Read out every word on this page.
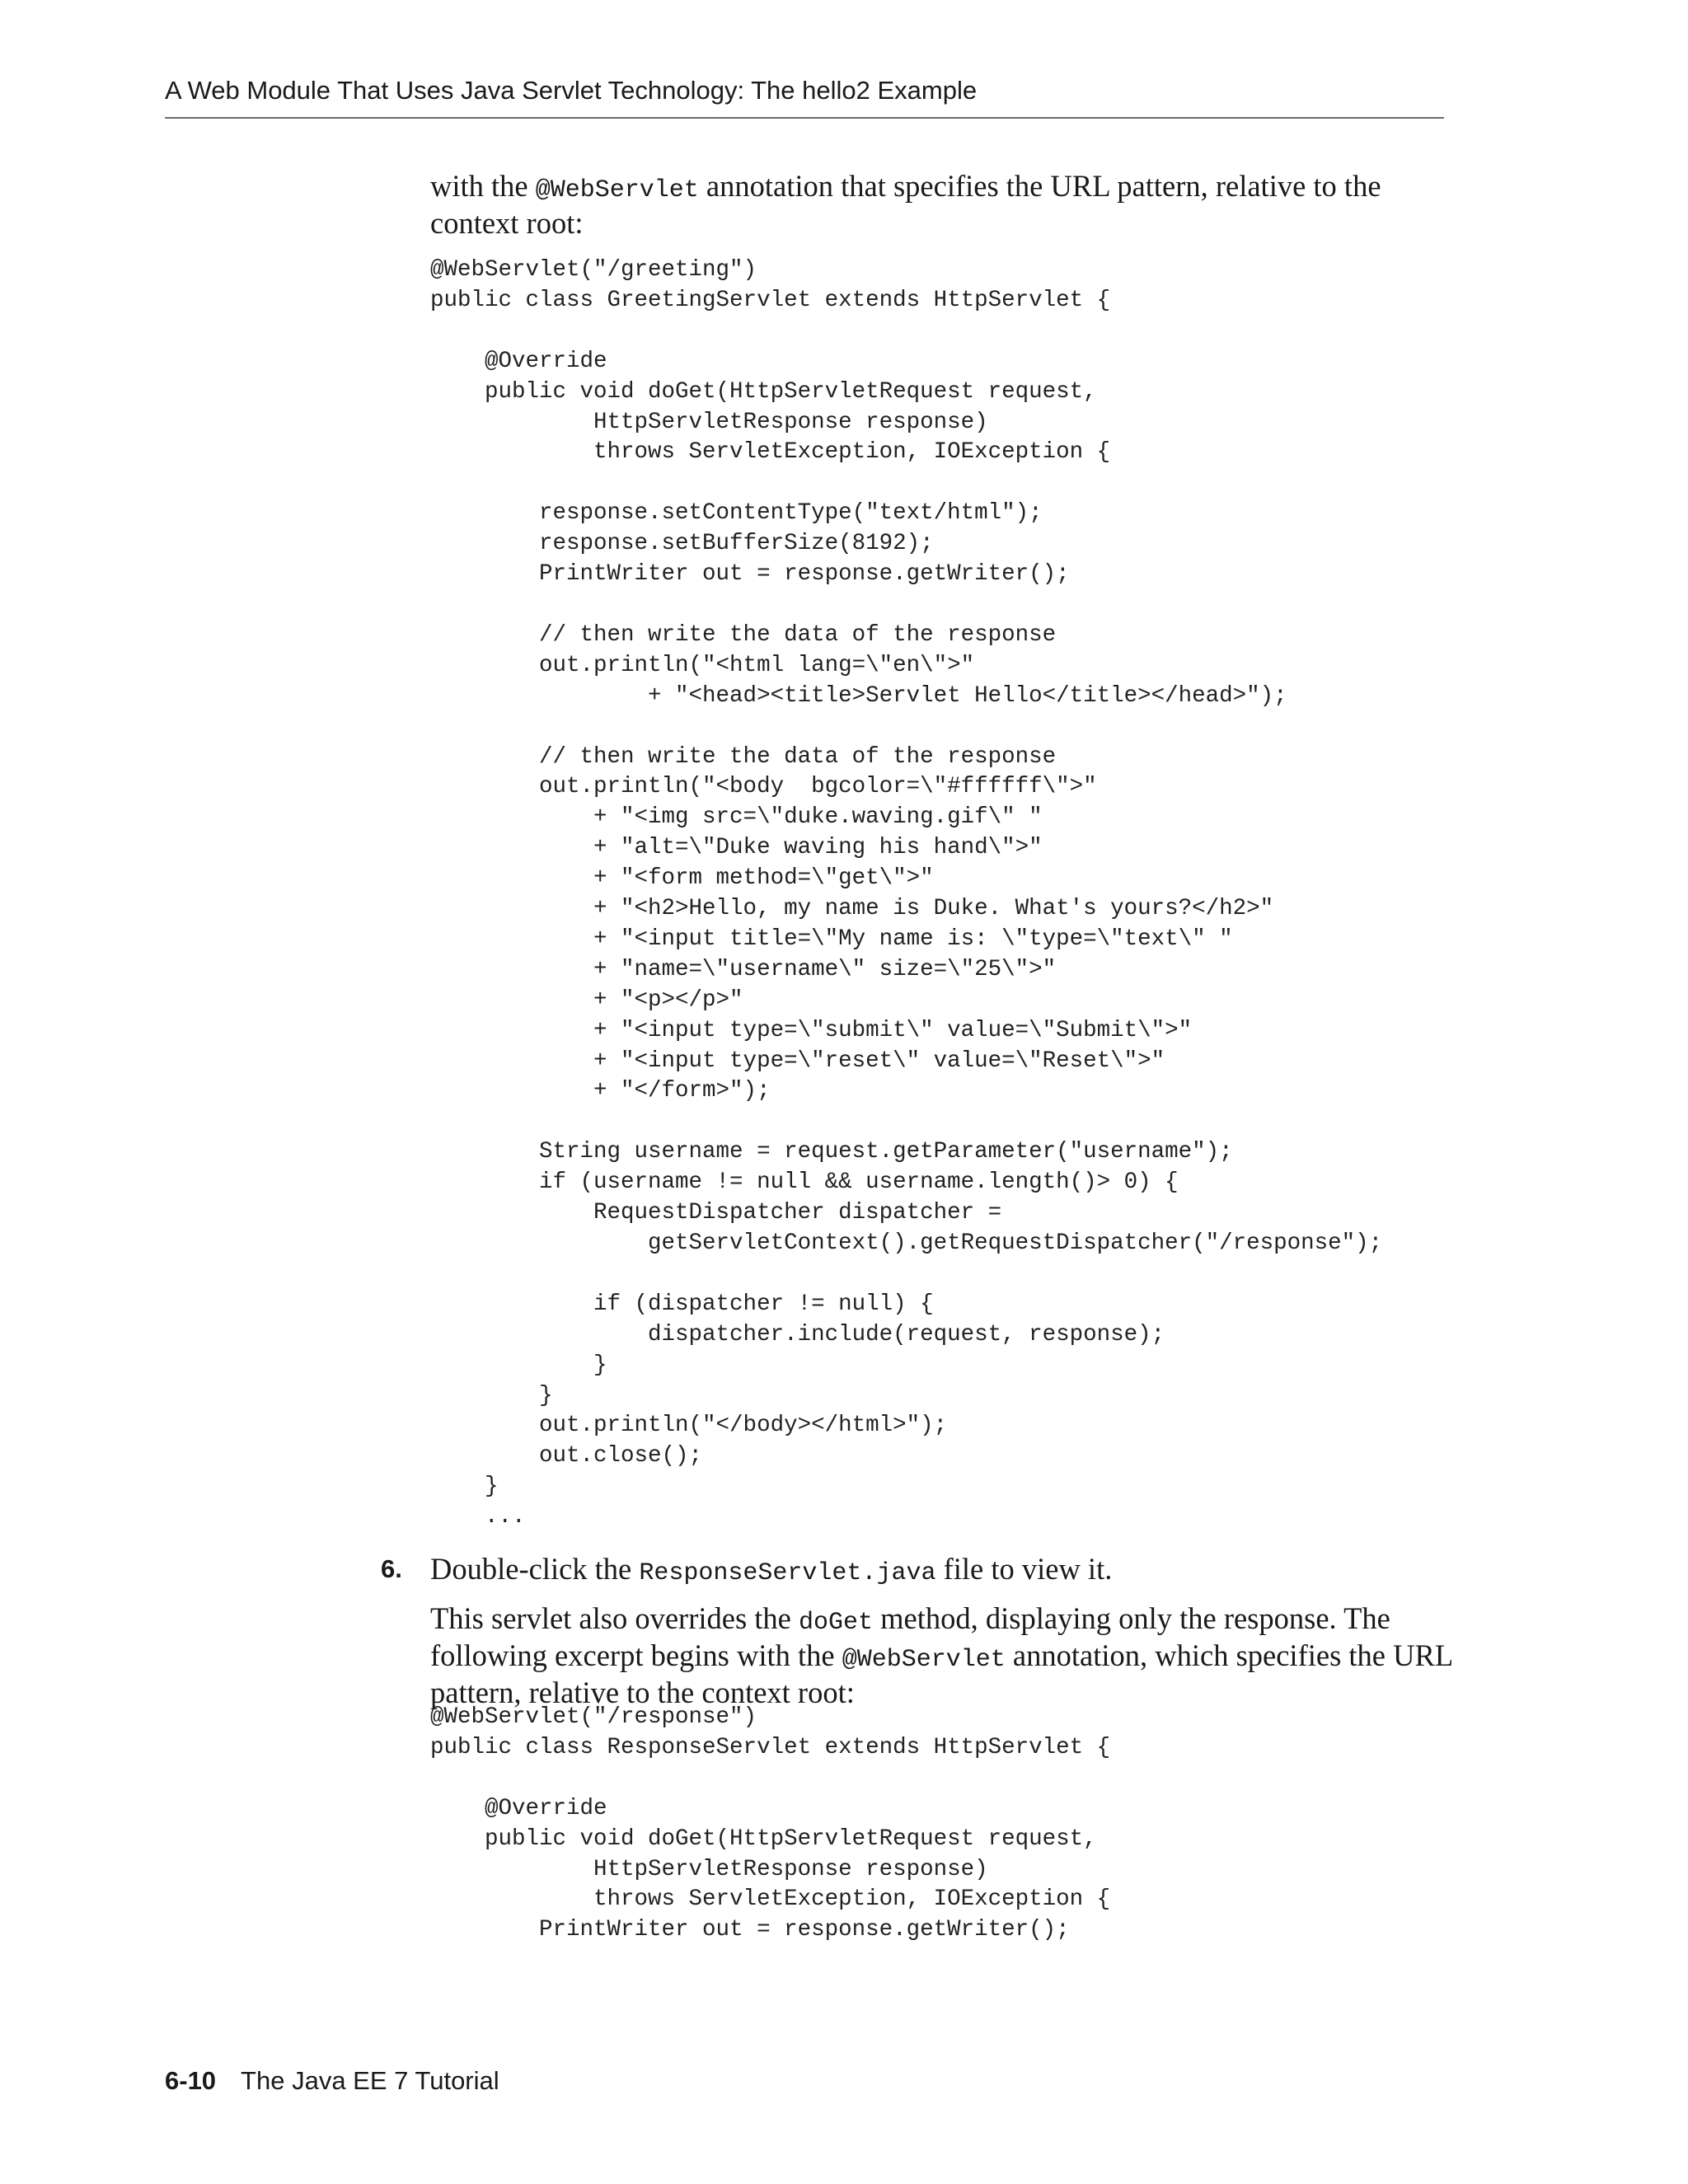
A Web Module That Uses Java Servlet Technology: The hello2 Example

with the @WebServlet annotation that specifies the URL pattern, relative to the context root:

@WebServlet("/greeting")
public class GreetingServlet extends HttpServlet {

@Override
public void doGet(HttpServletRequest request,
HttpServletResponse response)
throws ServletException, IOException {

response.setContentType("text/html");
response.setBufferSize(8192);
PrintWriter out = response.getWriter();

// then write the data of the response
out.println("<html lang=\"en\">"
+ "<head><title>Servlet Hello</title></head>");

// then write the data of the response
out.println("<body  bgcolor=\"#ffffff\">"
+ "<img src=\"duke.waving.gif\" "
+ "alt=\"Duke waving his hand\">"
+ "<form method=\"get\">"
+ "<h2>Hello, my name is Duke. What's yours?</h2>"
+ "<input title=\"My name is: \"type=\"text\" "
+ "name=\"username\" size=\"25\">"
+ "<p></p>"
+ "<input type=\"submit\" value=\"Submit\">"
+ "<input type=\"reset\" value=\"Reset\">"
+ "</form>");

String username = request.getParameter("username");
if (username != null && username.length()> 0) {
RequestDispatcher dispatcher =
getServletContext().getRequestDispatcher("/response");

if (dispatcher != null) {
dispatcher.include(request, response);
}
}
out.println("</body></html>");
out.close();
}
...
6. Double-click the ResponseServlet.java file to view it.

This servlet also overrides the doGet method, displaying only the response. The following excerpt begins with the @WebServlet annotation, which specifies the URL pattern, relative to the context root:

@WebServlet("/response")
public class ResponseServlet extends HttpServlet {

@Override
public void doGet(HttpServletRequest request,
HttpServletResponse response)
throws ServletException, IOException {
PrintWriter out = response.getWriter();
6-10 The Java EE 7 Tutorial
